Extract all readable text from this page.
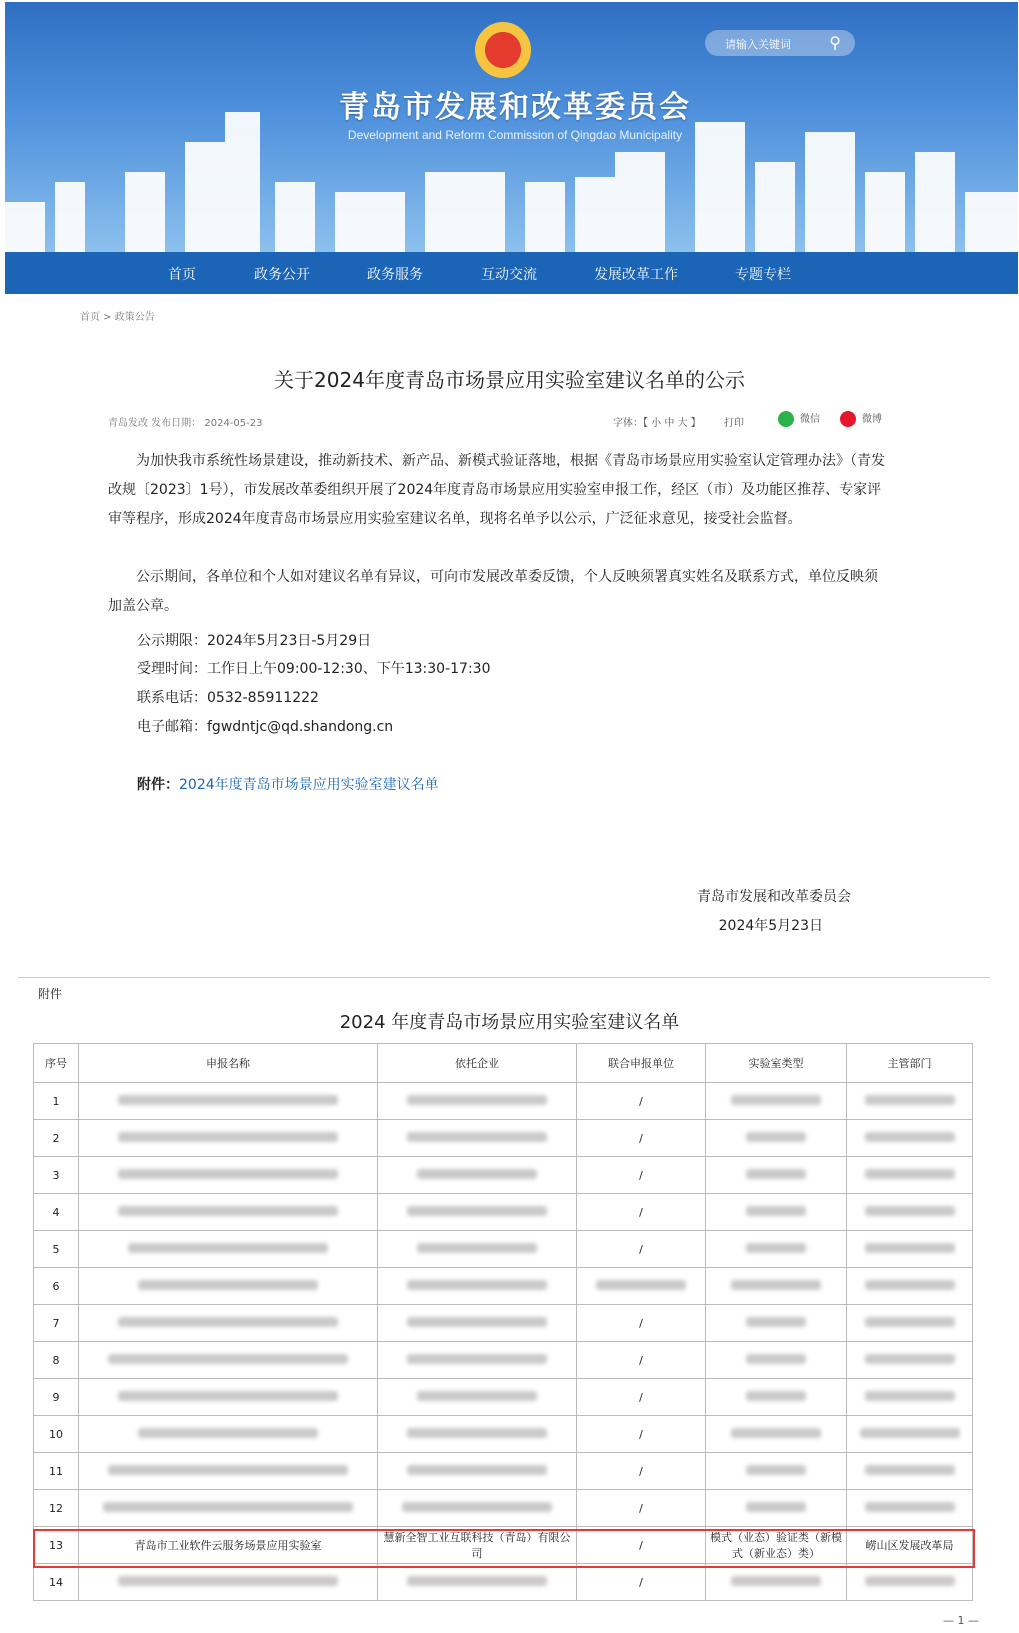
青岛市发展和改革委员会
Development and Reform Commission of Qingdao Municipality
请输入关键词 ⚲
首页	政务公开	政务服务	互动交流	发展改革工作	专题专栏
首页 > 政策公告
关于2024年度青岛市场景应用实验室建议名单的公示
青岛发改 发布日期： 2024-05-23	字体：【 小 中 大 】 打印	微信	微博
为加快我市系统性场景建设，推动新技术、新产品、新模式验证落地，根据《青岛市场景应用实验室认定管理办法》（青发改规〔2023〕1号），市发展改革委组织开展了2024年度青岛市场景应用实验室申报工作，经区（市）及功能区推荐、专家评审等程序，形成2024年度青岛市场景应用实验室建议名单，现将名单予以公示，广泛征求意见，接受社会监督。
公示期间，各单位和个人如对建议名单有异议，可向市发展改革委反馈，个人反映须署真实姓名及联系方式，单位反映须加盖公章。
公示期限：2024年5月23日-5月29日
受理时间：工作日上午09:00-12:30、下午13:30-17:30
联系电话：0532-85911222
电子邮箱：fgwdntjc@qd.shandong.cn
附件：2024年度青岛市场景应用实验室建议名单
青岛市发展和改革委员会
2024年5月23日
附件
2024 年度青岛市场景应用实验室建议名单
序号	申报名称	依托企业	联合申报单位	实验室类型	主管部门
1			/		
2			/		
3			/		
4			/		
5			/		
6					
7			/		
8			/		
9			/		
10			/		
11			/		
12			/		
13	青岛市工业软件云服务场景应用实验室	慧新全智工业互联科技（青岛）有限公司	/	模式（业态）验证类（新模式（新业态）类）	崂山区发展改革局
14			/		
— 1 —
